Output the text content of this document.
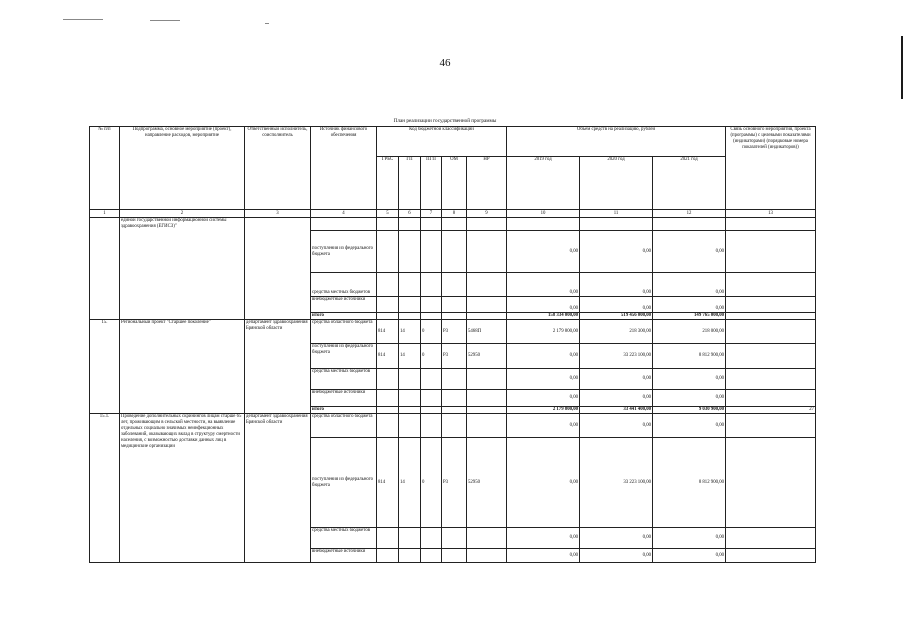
46
План реализации государственной программы
№ п/п	Подпрограмма, основное мероприятие (проект), направление расходов, мероприятие	Ответственный исполнитель, соисполнитель	Источник финансового обеспечения	Код бюджетной классификации					Объем средств на реализацию, рублей			Связь основного мероприятия, проекта (программы) с целевыми показателями (индикаторами) (порядковые номера показателей (индикаторов))
				ГРБС	ГП	ПГП	ОМ	НР	2019 год	2020 год	2021 год	
1	2	3	4	5	6	7	8	9	10	11	12	13
	единой государственной информационной системы здравоохранения (ЕГИСЗ)"											
			поступления из федерального бюджета						0,00	0,00	0,00	
			средства местных бюджетов						0,00	0,00	0,00	
			внебюджетные источники						0,00	0,00	0,00	
			итого						158 334 000,00	519 456 000,00	149 765 000,00	
15.	Региональный проект "Старшее поколение"	департамент здравоохранения Брянской области	средства областного бюджета	814	14	0	P3	5468П	2 179 800,00	218 300,00	218 000,00	
			поступления из федерального бюджета	814	14	0	P3	52950	0,00	33 223 100,00	8 812 900,00	
			средства местных бюджетов						0,00	0,00	0,00	
			внебюджетные источники						0,00	0,00	0,00	
			итого						2 179 800,00	33 441 400,00	9 030 900,00	27
15.1.	Проведение дополнительных скринингов лицам старше 65 лет, проживающим в сельской местности, на выявление отдельных социально значимых неинфекционных заболеваний, оказывающих вклад в структуру смертности населения, с возможностью доставки данных лиц в медицинские организации	департамент здравоохранения Брянской области	средства областного бюджета						0,00	0,00	0,00	
			поступления из федерального бюджета	814	14	0	P3	52950	0,00	33 223 100,00	8 812 900,00	
			средства местных бюджетов						0,00	0,00	0,00	
			внебюджетные источники						0,00	0,00	0,00	
